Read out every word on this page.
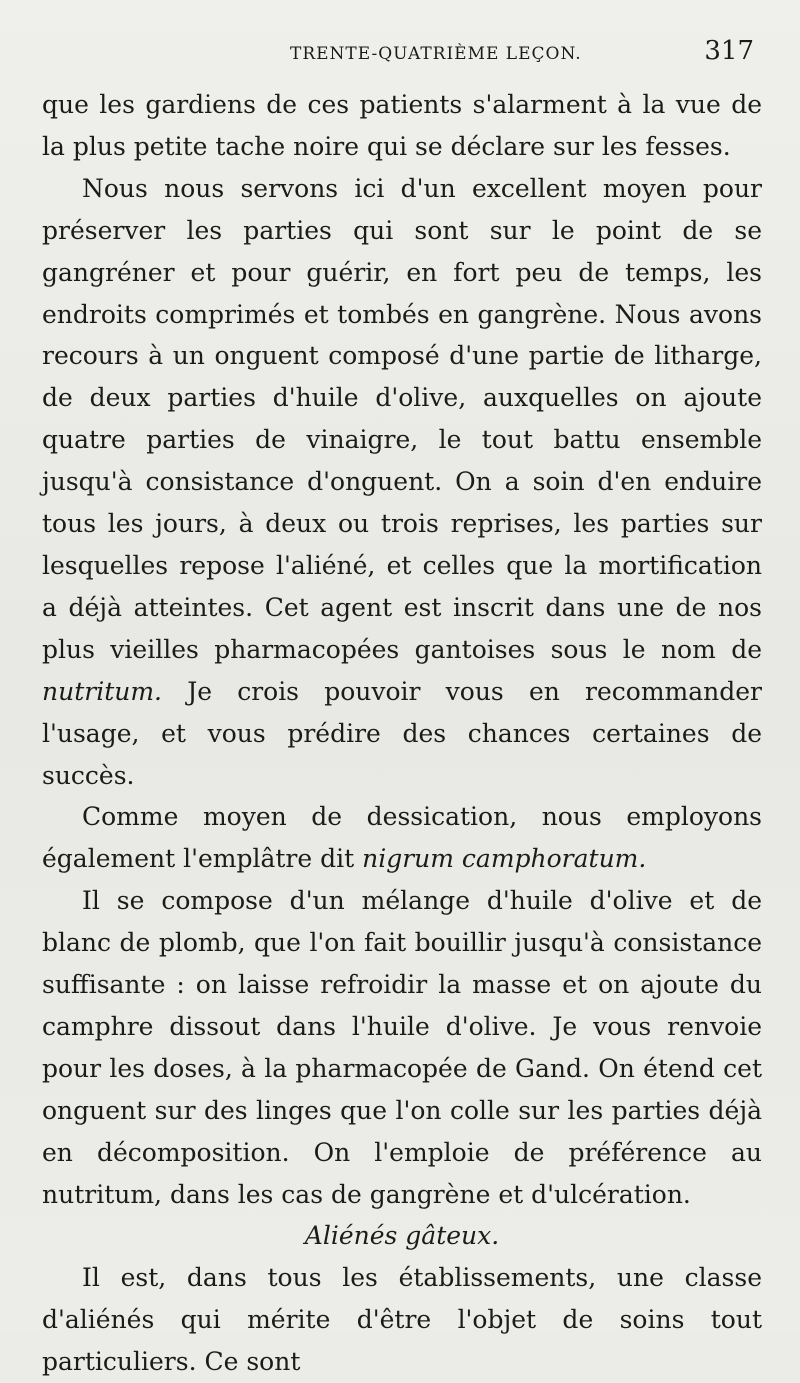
TRENTE-QUATRIÈME LEÇON.	317

que les gardiens de ces patients s'alarment à la vue de la plus petite tache noire qui se déclare sur les fesses.

Nous nous servons ici d'un excellent moyen pour préserver les parties qui sont sur le point de se gangréner et pour guérir, en fort peu de temps, les endroits comprimés et tombés en gangrène. Nous avons recours à un onguent composé d'une partie de litharge, de deux parties d'huile d'olive, auxquelles on ajoute quatre parties de vinaigre, le tout battu ensemble jusqu'à consistance d'onguent. On a soin d'en enduire tous les jours, à deux ou trois reprises, les parties sur lesquelles repose l'aliéné, et celles que la mortification a déjà atteintes. Cet agent est inscrit dans une de nos plus vieilles pharmacopées gantoises sous le nom de nutritum. Je crois pouvoir vous en recommander l'usage, et vous prédire des chances certaines de succès.

Comme moyen de dessication, nous employons également l'emplâtre dit nigrum camphoratum.

Il se compose d'un mélange d'huile d'olive et de blanc de plomb, que l'on fait bouillir jusqu'à consistance suffisante : on laisse refroidir la masse et on ajoute du camphre dissout dans l'huile d'olive. Je vous renvoie pour les doses, à la pharmacopée de Gand. On étend cet onguent sur des linges que l'on colle sur les parties déjà en décomposition. On l'emploie de préférence au nutritum, dans les cas de gangrène et d'ulcération.

Aliénés gâteux.

Il est, dans tous les établissements, une classe d'aliénés qui mérite d'être l'objet de soins tout particuliers. Ce sont
